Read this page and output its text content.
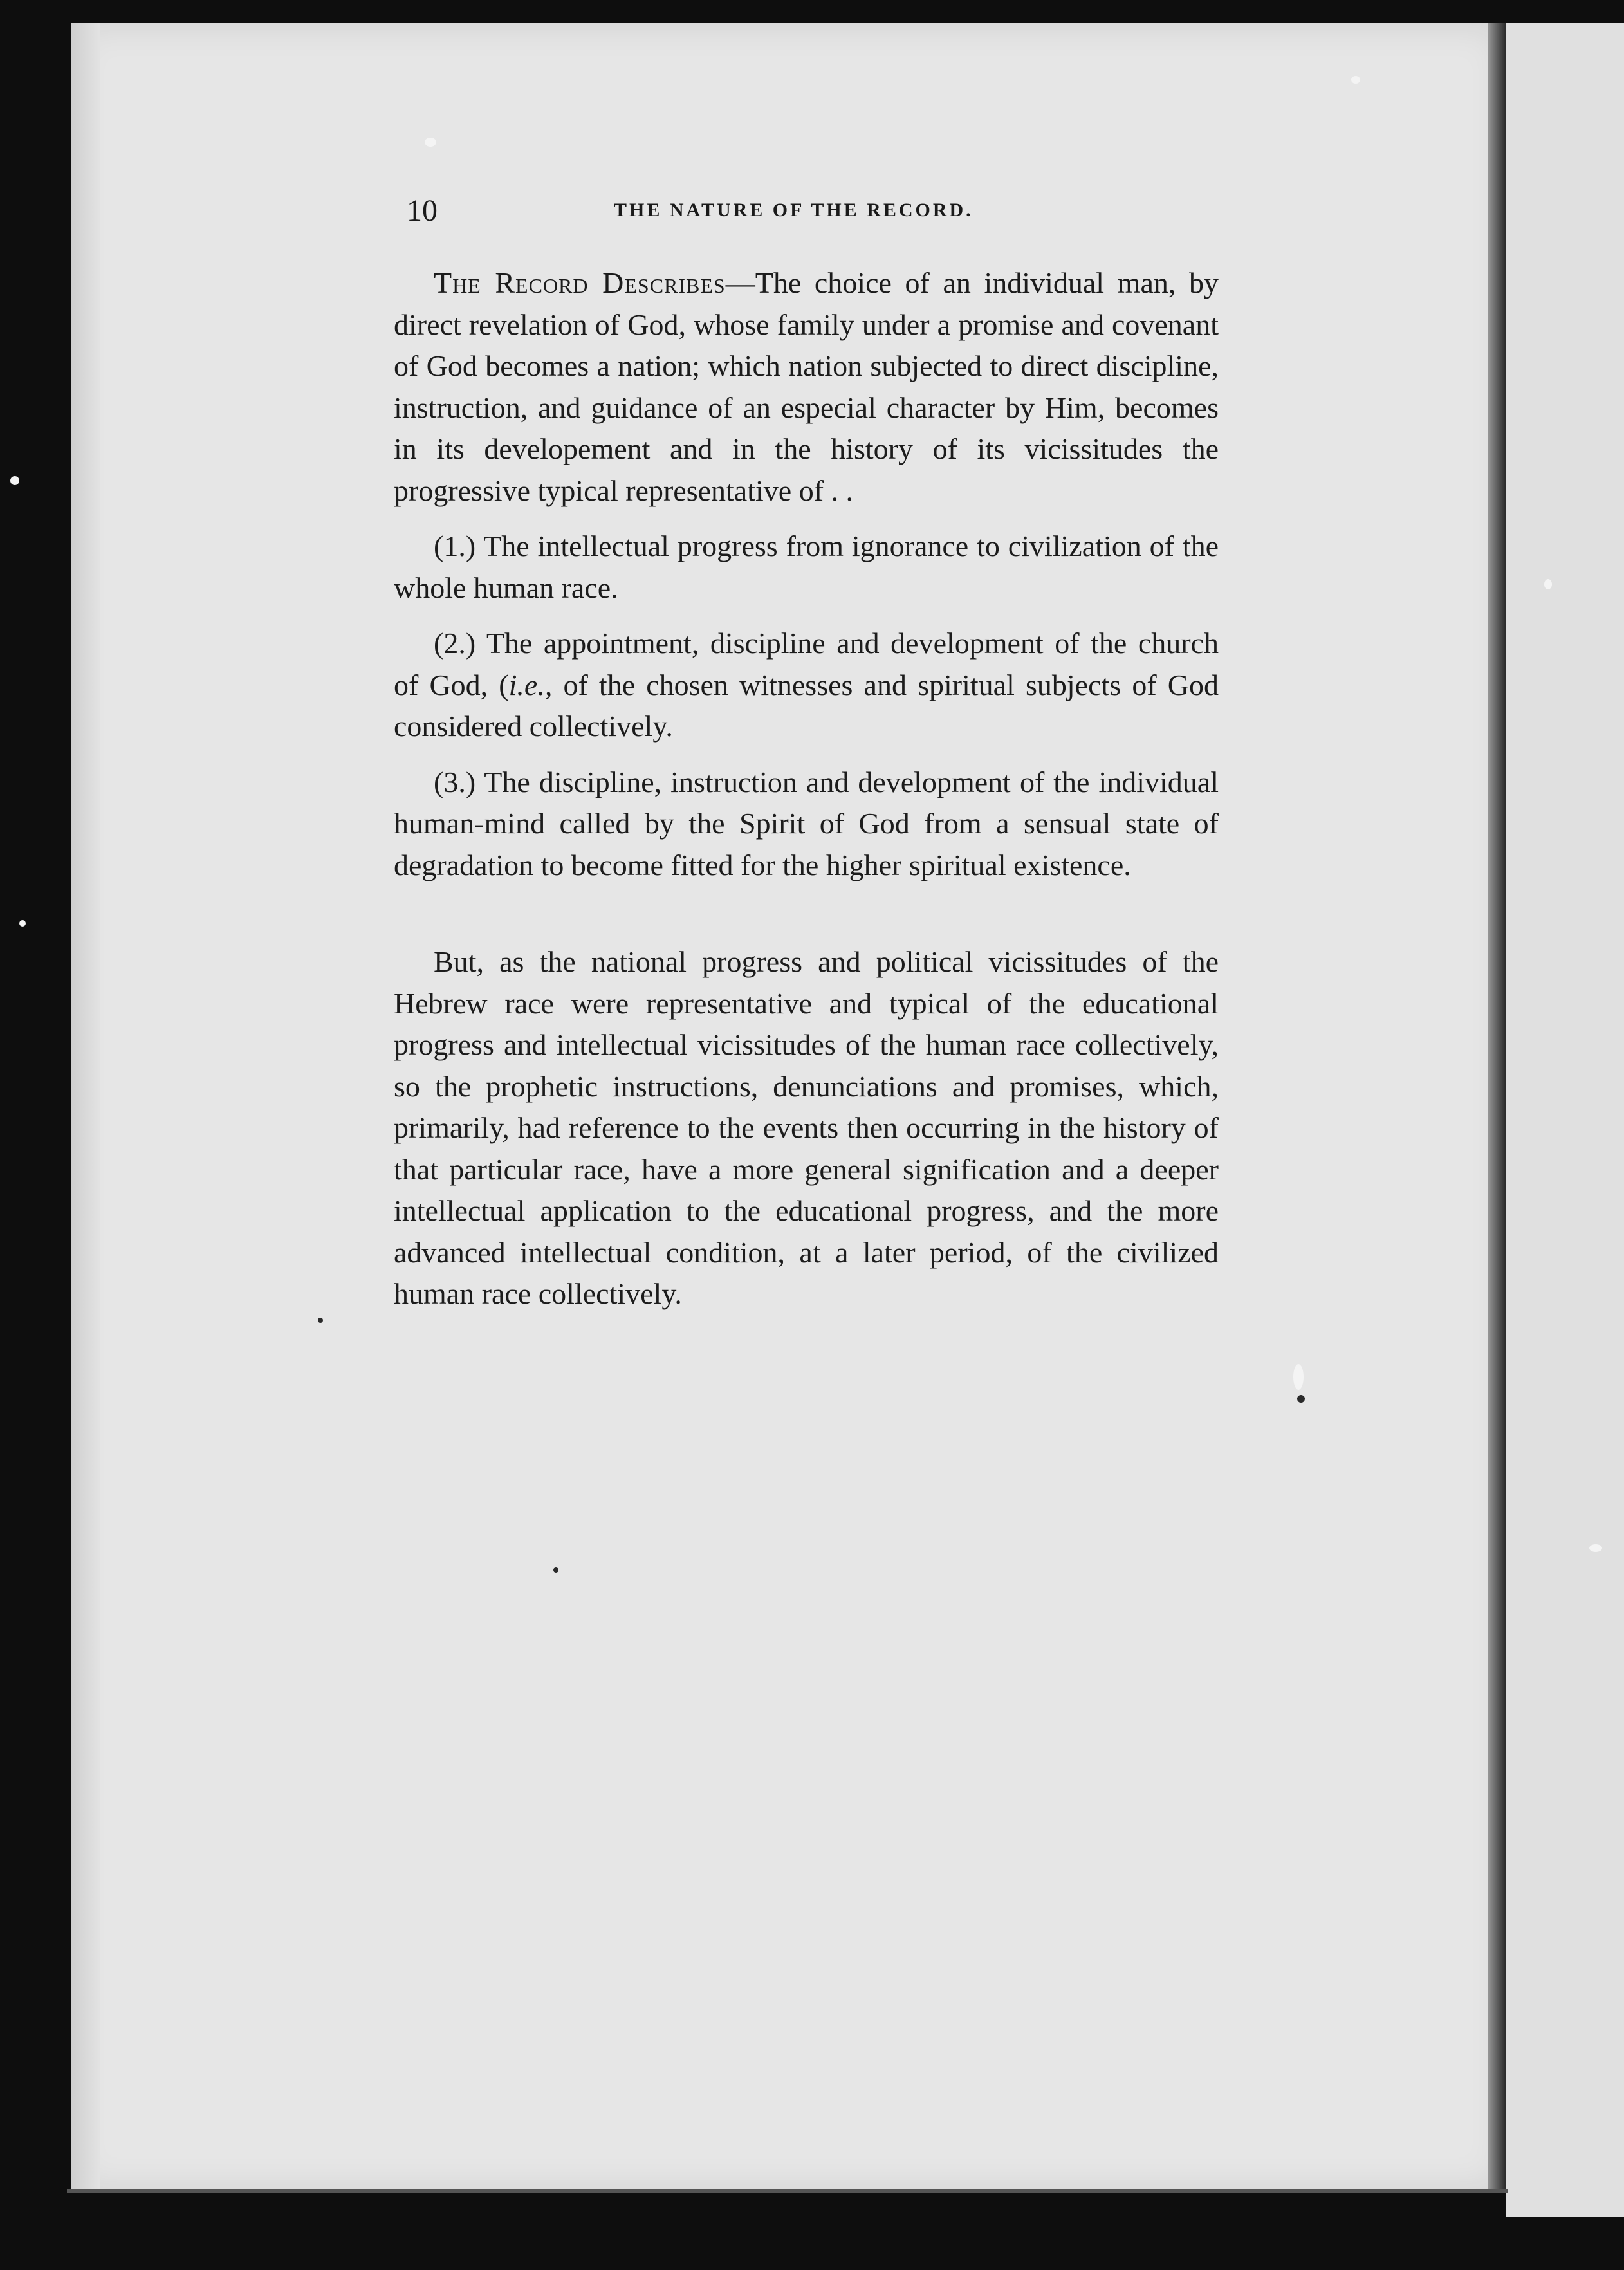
10	THE NATURE OF THE RECORD.

The Record Describes—The choice of an individual man, by direct revelation of God, whose family under a promise and covenant of God becomes a nation; which nation subjected to direct discipline, instruction, and guidance of an especial character by Him, becomes in its developement and in the history of its vicissitudes the progressive typical representative of . .

(1.) The intellectual progress from ignorance to civilization of the whole human race.

(2.) The appointment, discipline and development of the church of God, (i.e., of the chosen witnesses and spiritual subjects of God considered collectively.

(3.) The discipline, instruction and development of the individual human-mind called by the Spirit of God from a sensual state of degradation to become fitted for the higher spiritual existence.

But, as the national progress and political vicissitudes of the Hebrew race were representative and typical of the educational progress and intellectual vicissitudes of the human race collectively, so the prophetic instructions, denunciations and promises, which, primarily, had reference to the events then occurring in the history of that particular race, have a more general signification and a deeper intellectual application to the educational progress, and the more advanced intellectual condition, at a later period, of the civilized human race collectively.
